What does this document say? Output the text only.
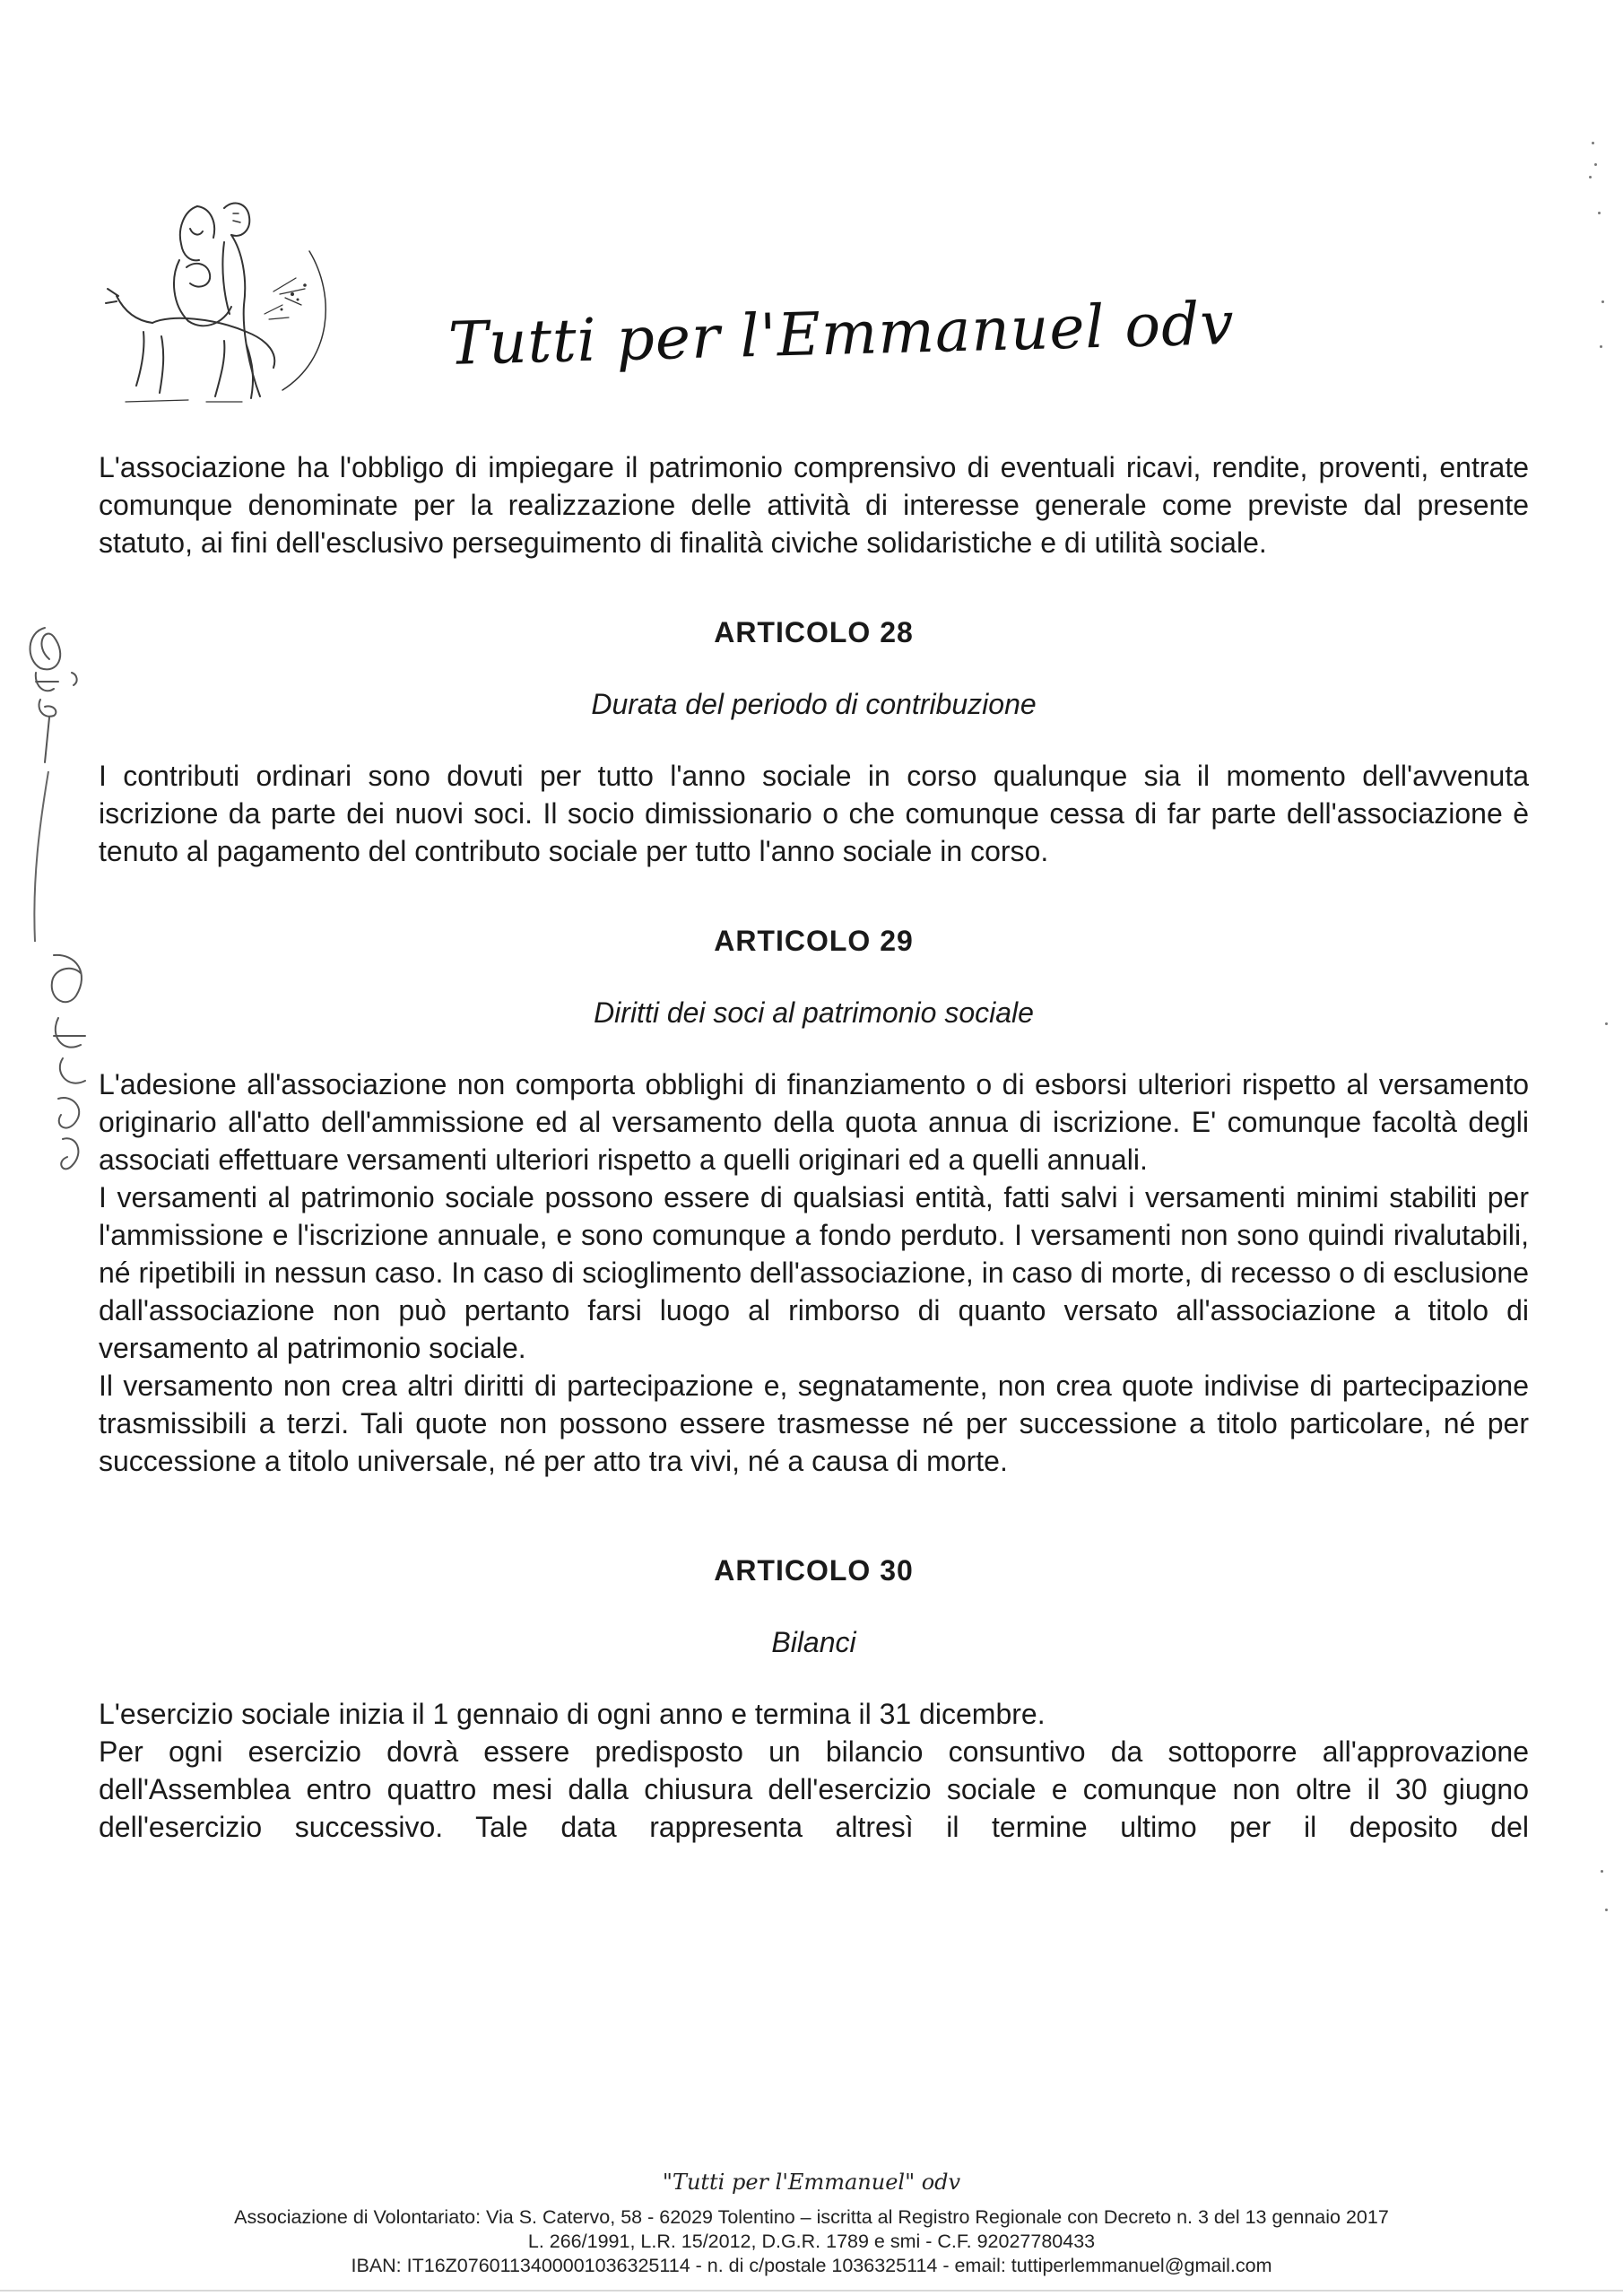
Tutti per l'Emmanuel odv

L'associazione ha l'obbligo di impiegare il patrimonio comprensivo di eventuali ricavi, rendite, proventi, entrate comunque denominate per la realizzazione delle attività di interesse generale come previste dal presente statuto, ai fini dell'esclusivo perseguimento di finalità civiche solidaristiche e di utilità sociale.

ARTICOLO 28

Durata del periodo di contribuzione

I contributi ordinari sono dovuti per tutto l'anno sociale in corso qualunque sia il momento dell'avvenuta iscrizione da parte dei nuovi soci. Il socio dimissionario o che comunque cessa di far parte dell'associazione è tenuto al pagamento del contributo sociale per tutto l'anno sociale in corso.

ARTICOLO 29

Diritti dei soci al patrimonio sociale

L'adesione all'associazione non comporta obblighi di finanziamento o di esborsi ulteriori rispetto al versamento originario all'atto dell'ammissione ed al versamento della quota annua di iscrizione. E' comunque facoltà degli associati effettuare versamenti ulteriori rispetto a quelli originari ed a quelli annuali.

I versamenti al patrimonio sociale possono essere di qualsiasi entità, fatti salvi i versamenti minimi stabiliti per l'ammissione e l'iscrizione annuale, e sono comunque a fondo perduto. I versamenti non sono quindi rivalutabili, né ripetibili in nessun caso. In caso di scioglimento dell'associazione, in caso di morte, di recesso o di esclusione dall'associazione non può pertanto farsi luogo al rimborso di quanto versato all'associazione a titolo di versamento al patrimonio sociale.

Il versamento non crea altri diritti di partecipazione e, segnatamente, non crea quote indivise di partecipazione trasmissibili a terzi. Tali quote non possono essere trasmesse né per successione a titolo particolare, né per successione a titolo universale, né per atto tra vivi, né a causa di morte.

ARTICOLO 30

Bilanci

L'esercizio sociale inizia il 1 gennaio di ogni anno e termina il 31 dicembre.

Per ogni esercizio dovrà essere predisposto un bilancio consuntivo da sottoporre all'approvazione dell'Assemblea entro quattro mesi dalla chiusura dell'esercizio sociale e comunque non oltre il 30 giugno dell'esercizio successivo. Tale data rappresenta altresì il termine ultimo per il deposito del

"Tutti per l'Emmanuel" odv
Associazione di Volontariato: Via S. Catervo, 58 - 62029 Tolentino – iscritta al Registro Regionale con Decreto n. 3 del 13 gennaio 2017
L. 266/1991, L.R. 15/2012, D.G.R. 1789 e smi - C.F. 92027780433
IBAN: IT16Z0760113400001036325114 - n. di c/postale 1036325114 - email: tuttiperlemmanuel@gmail.com
